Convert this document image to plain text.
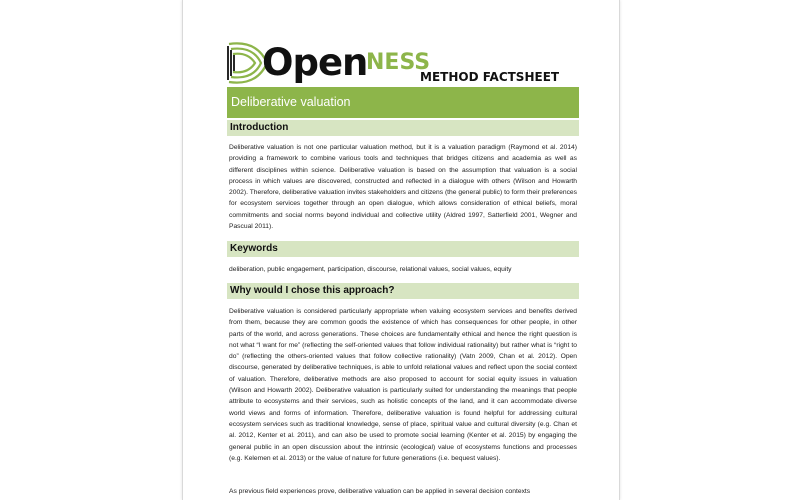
Open
NESS
METHOD FACTSHEET
Deliberative valuation
Introduction

Deliberative valuation is not one particular valuation method, but it is a valuation paradigm (Raymond et al. 2014) providing a framework to combine various tools and techniques that bridges citizens and academia as well as different disciplines within science. Deliberative valuation is based on the assumption that valuation is a social process in which values are discovered, constructed and reflected in a dialogue with others (Wilson and Howarth 2002). Therefore, deliberative valuation invites stakeholders and citizens (the general public) to form their preferences for ecosystem services together through an open dialogue, which allows consideration of ethical beliefs, moral commitments and social norms beyond individual and collective utility (Aldred 1997, Satterfield 2001, Wegner and Pascual 2011).

Keywords

deliberation, public engagement, participation, discourse, relational values, social values, equity

Why would I chose this approach?

Deliberative valuation is considered particularly appropriate when valuing ecosystem services and benefits derived from them, because they are common goods the existence of which has consequences for other people, in other parts of the world, and across generations. These choices are fundamentally ethical and hence the right question is not what “I want for me” (reflecting the self-oriented values that follow individual rationality) but rather what is “right to do” (reflecting the others-oriented values that follow collective rationality) (Vatn 2009, Chan et al. 2012). Open discourse, generated by deliberative techniques, is able to unfold relational values and reflect upon the social context of valuation. Therefore, deliberative methods are also proposed to account for social equity issues in valuation (Wilson and Howarth 2002). Deliberative valuation is particularly suited for understanding the meanings that people attribute to ecosystems and their services, such as holistic concepts of the land, and it can accommodate diverse world views and forms of information. Therefore, deliberative valuation is found helpful for addressing cultural ecosystem services such as traditional knowledge, sense of place, spiritual value and cultural diversity (e.g. Chan et al. 2012, Kenter et al. 2011), and can also be used to promote social learning (Kenter et al. 2015) by engaging the general public in an open discussion about the intrinsic (ecological) value of ecosystems functions and processes (e.g. Kelemen et al. 2013) or the value of nature for future generations (i.e. bequest values).

As previous field experiences prove, deliberative valuation can be applied in several decision contexts
